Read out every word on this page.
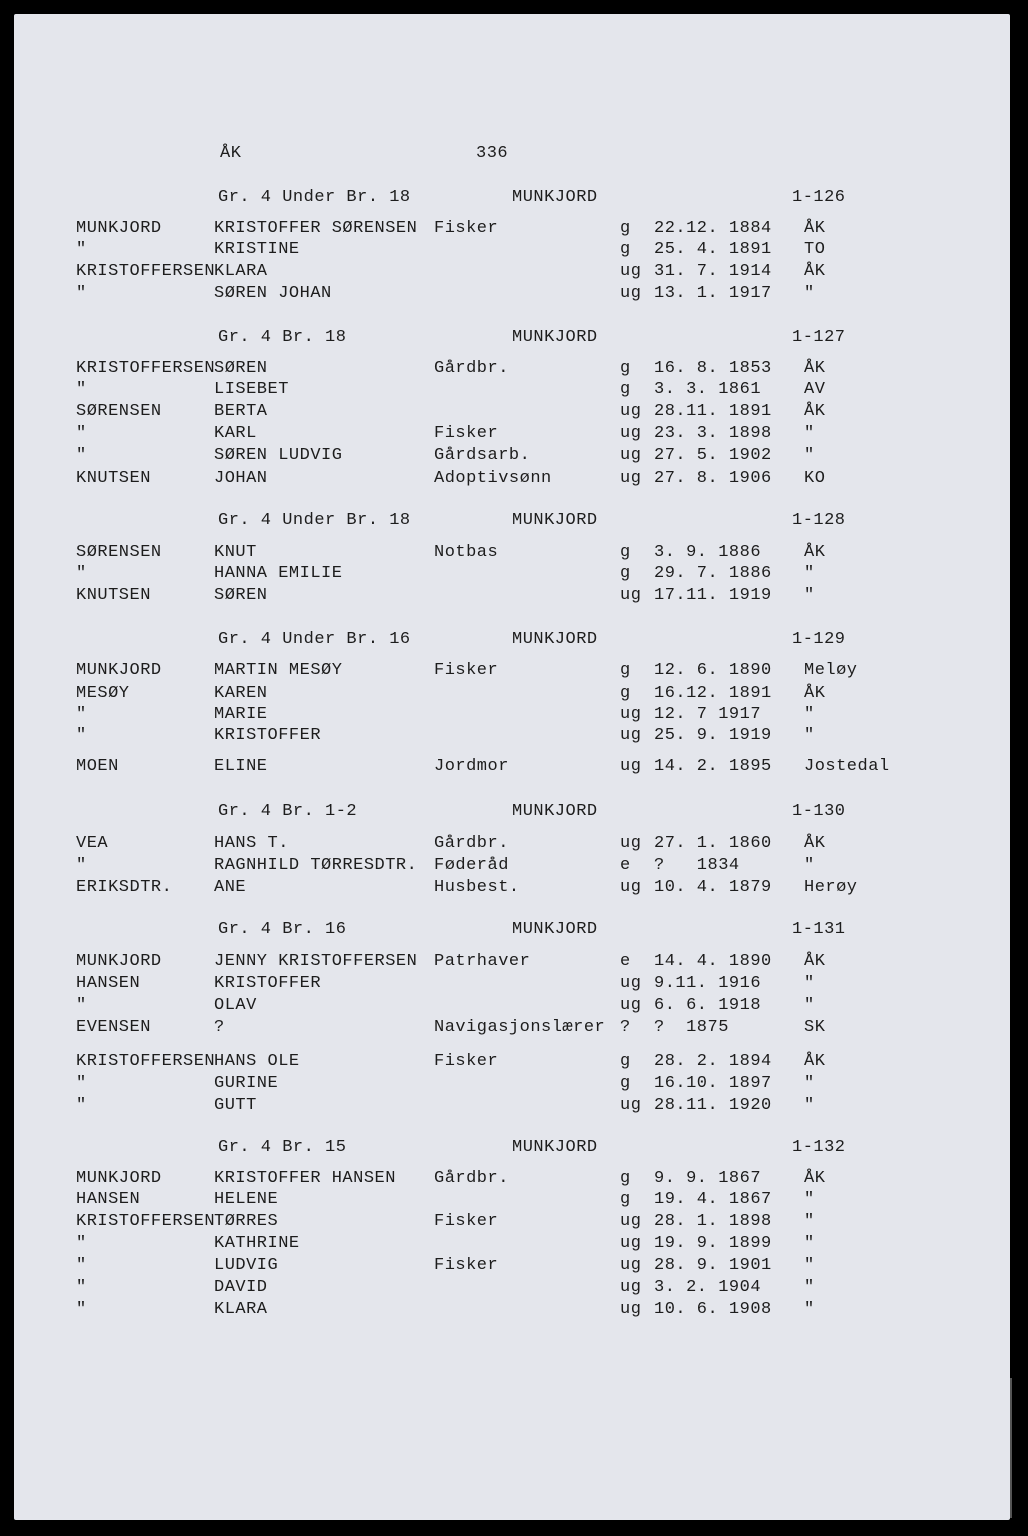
ÅK	336
Gr. 4 Under Br. 18	MUNKJORD	1-126
MUNKJORD	KRISTOFFER SØRENSEN Fisker	g 22.12. 1884 ÅK
"	KRISTINE	g 25. 4. 1891 TO
KRISTOFFERSEN
KLARA	ug 31. 7. 1914 ÅK
"	SØREN JOHAN	ug 13. 1. 1917 "
Gr. 4 Br. 18	MUNKJORD	1-127
KRISTOFFERSEN
SØREN	Gårdbr.	g 16. 8. 1853 ÅK
"	LISEBET	g 3. 3. 1861	AV
SØRENSEN	BERTA	ug 28.11. 1891 ÅK
"	KARL	Fisker	ug 23. 3. 1898 "
"	SØREN LUDVIG	Gårdsarb.	ug 27. 5. 1902 "
KNUTSEN	JOHAN	Adoptivsønn	ug 27. 8. 1906 KO
Gr. 4 Under Br. 18	MUNKJORD	1-128
SØRENSEN	KNUT	Notbas	g 3. 9. 1886	ÅK
"	HANNA EMILIE	g 29. 7. 1886 "
KNUTSEN	SØREN	ug 17.11. 1919 "
Gr. 4 Under Br. 16	MUNKJORD	1-129
MUNKJORD	MARTIN MESØY	Fisker	g 12. 6. 1890 Meløy
MESØY	KAREN	g 16.12. 1891 ÅK
"	MARIE	ug 12. 7 1917	"
"	KRISTOFFER	ug 25. 9. 1919 "
MOEN	ELINE	Jordmor	ug 14. 2. 1895 Jostedal
Gr. 4 Br. 1-2	MUNKJORD	1-130
VEA	HANS T.	Gårdbr.	ug 27. 1. 1860 ÅK
"	RAGNHILD TØRRESDTR. Føderåd	e ?   1834	"
ERIKSDTR. ANE	Husbest.	ug 10. 4. 1879 Herøy
Gr. 4 Br. 16	MUNKJORD	1-131
MUNKJORD	JENNY KRISTOFFERSEN Patrhaver	e 14. 4. 1890 ÅK
HANSEN	KRISTOFFER	ug 9.11. 1916	"
"	OLAV	ug 6. 6. 1918	"
EVENSEN	?	Navigasjonslærer ? ?  1875	SK
KRISTOFFERSEN
HANS OLE	Fisker	g 28. 2. 1894 ÅK
"	GURINE	g 16.10. 1897 "
"	GUTT	ug 28.11. 1920 "
Gr. 4 Br. 15	MUNKJORD	1-132
MUNKJORD	KRISTOFFER HANSEN Gårdbr.	g 9. 9. 1867	ÅK
HANSEN	HELENE	g 19. 4. 1867 "
KRISTOFFERSEN
TØRRES	Fisker	ug 28. 1. 1898 "
"	KATHRINE	ug 19. 9. 1899 "
"	LUDVIG	Fisker	ug 28. 9. 1901 "
"	DAVID	ug 3. 2. 1904	"
"	KLARA	ug 10. 6. 1908 "
